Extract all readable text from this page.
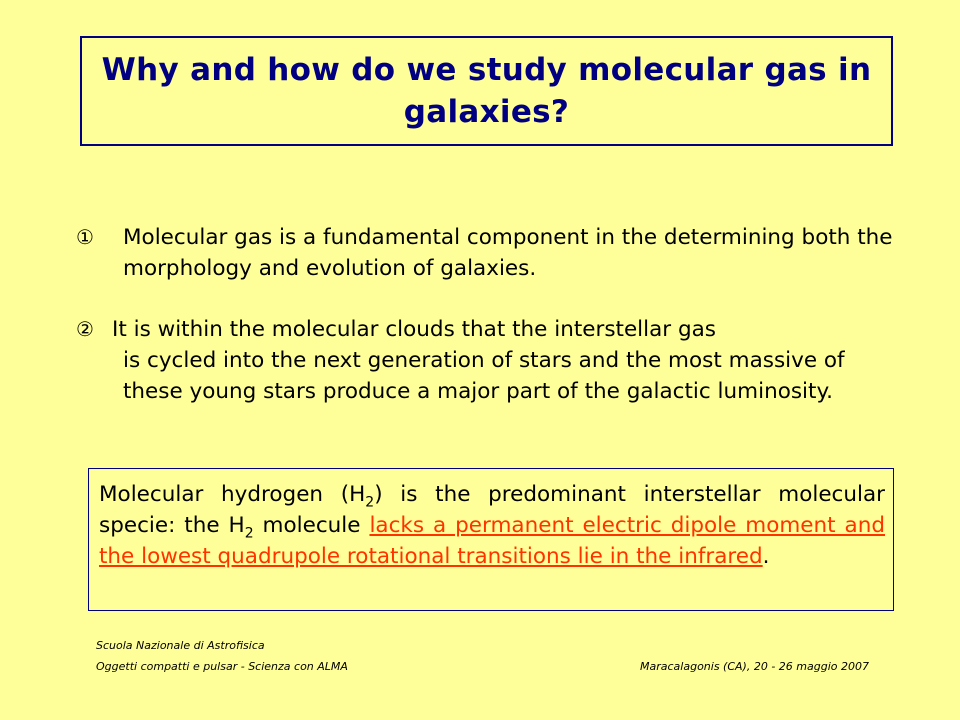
Why and how do we study molecular gas in galaxies?
①	Molecular gas is a fundamental component in the determining both the morphology and evolution of galaxies.
② It is within the molecular clouds that the interstellar gas
is cycled into the next generation of stars and the most massive of these young stars produce a major part of the galactic luminosity.
Molecular hydrogen $(H_2)$ is the predominant interstellar molecular specie: the $H_2$ molecule lacks a permanent electric dipole moment and the lowest quadrupole rotational transitions lie in the infrared.
Scuola Nazionale di Astrofisica
Oggetti compatti e pulsar - Scienza con ALMA	Maracalagonis (CA), 20 - 26 maggio 2007
